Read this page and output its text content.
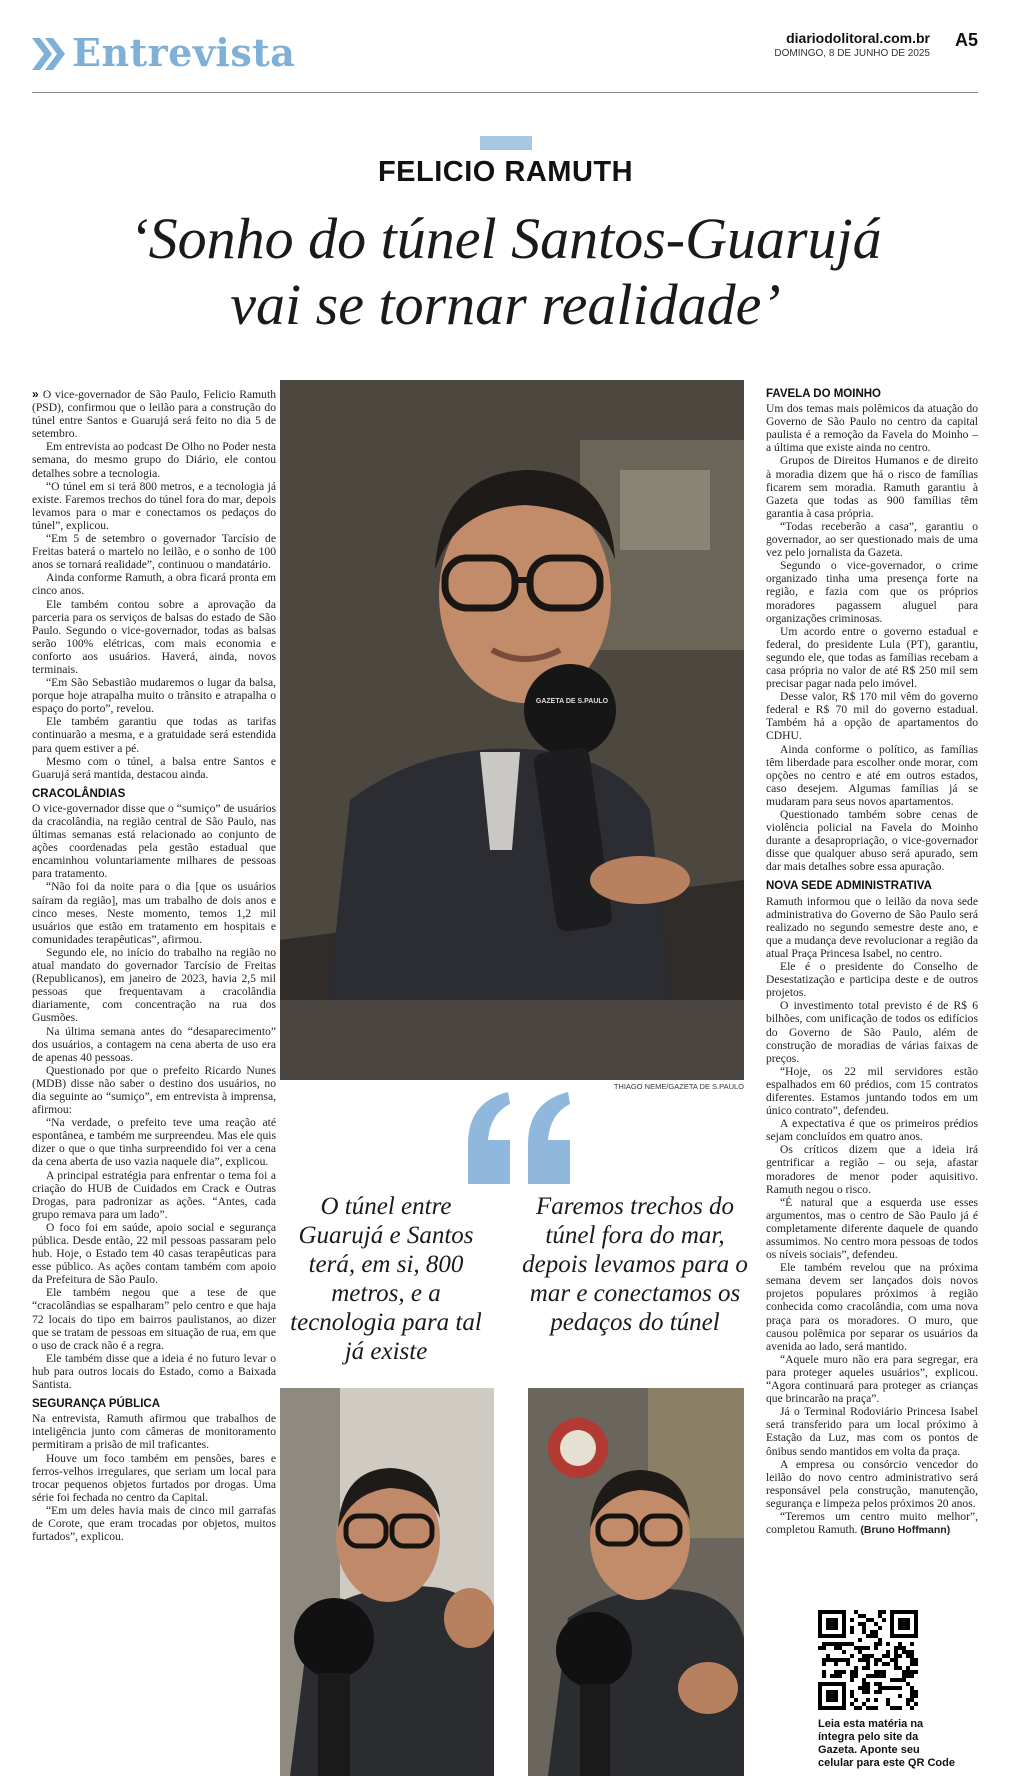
Entrevista	diariodolitoral.com.br
DOMINGO, 8 DE JUNHO DE 2025
A5
FELICIO RAMUTH
‘Sonho do túnel Santos-Guarujá
vai se tornar realidade’

» O vice-governador de São Paulo, Felicio Ramuth (PSD), confirmou que o leilão para a construção do túnel entre Santos e Guarujá será feito no dia 5 de setembro.

Em entrevista ao podcast De Olho no Poder nesta semana, do mesmo grupo do Diário, ele contou detalhes sobre a tecnologia.

“O túnel em si terá 800 metros, e a tecnologia já existe. Faremos trechos do túnel fora do mar, depois levamos para o mar e conectamos os pedaços do túnel”, explicou.

“Em 5 de setembro o governador Tarcísio de Freitas baterá o martelo no leilão, e o sonho de 100 anos se tornará realidade”, continuou o mandatário.

Ainda conforme Ramuth, a obra ficará pronta em cinco anos.

Ele também contou sobre a aprovação da parceria para os serviços de balsas do estado de São Paulo. Segundo o vice-governador, todas as balsas serão 100% elétricas, com mais economia e conforto aos usuários. Haverá, ainda, novos terminais.

“Em São Sebastião mudaremos o lugar da balsa, porque hoje atrapalha muito o trânsito e atrapalha o espaço do porto”, revelou.

Ele também garantiu que todas as tarifas continuarão a mesma, e a gratuidade será estendida para quem estiver a pé.

Mesmo com o túnel, a balsa entre Santos e Guarujá será mantida, destacou ainda.

CRACOLÂNDIAS

O vice-governador disse que o “sumiço” de usuários da cracolândia, na região central de São Paulo, nas últimas semanas está relacionado ao conjunto de ações coordenadas pela gestão estadual que encaminhou voluntariamente milhares de pessoas para tratamento.

“Não foi da noite para o dia [que os usuários saíram da região], mas um trabalho de dois anos e cinco meses. Neste momento, temos 1,2 mil usuários que estão em tratamento em hospitais e comunidades terapêuticas”, afirmou.

Segundo ele, no início do trabalho na região no atual mandato do governador Tarcísio de Freitas (Republicanos), em janeiro de 2023, havia 2,5 mil pessoas que frequentavam a cracolândia diariamente, com concentração na rua dos Gusmões.

Na última semana antes do “desaparecimento” dos usuários, a contagem na cena aberta de uso era de apenas 40 pessoas.

Questionado por que o prefeito Ricardo Nunes (MDB) disse não saber o destino dos usuários, no dia seguinte ao “sumiço”, em entrevista à imprensa, afirmou:

“Na verdade, o prefeito teve uma reação até espontânea, e também me surpreendeu. Mas ele quis dizer o que o que tinha surpreendido foi ver a cena da cena aberta de uso vazia naquele dia”, explicou.

A principal estratégia para enfrentar o tema foi a criação do HUB de Cuidados em Crack e Outras Drogas, para padronizar as ações. “Antes, cada grupo remava para um lado”.

O foco foi em saúde, apoio social e segurança pública. Desde então, 22 mil pessoas passaram pelo hub. Hoje, o Estado tem 40 casas terapêuticas para esse público. As ações contam também com apoio da Prefeitura de São Paulo.

Ele também negou que a tese de que “cracolândias se espalharam” pelo centro e que haja 72 locais do tipo em bairros paulistanos, ao dizer que se tratam de pessoas em situação de rua, em que o uso de crack não é a regra.

Ele também disse que a ideia é no futuro levar o hub para outros locais do Estado, como a Baixada Santista.

SEGURANÇA PÚBLICA

Na entrevista, Ramuth afirmou que trabalhos de inteligência junto com câmeras de monitoramento permitiram a prisão de mil traficantes.

Houve um foco também em pensões, bares e ferros-velhos irregulares, que seriam um local para trocar pequenos objetos furtados por drogas. Uma série foi fechada no centro da Capital.

“Em um deles havia mais de cinco mil garrafas de Corote, que eram trocadas por objetos, muitos furtados”, explicou.

GAZETA DE S.PAULO
THIAGO NEME/GAZETA DE S.PAULO
O túnel entre Guarujá e Santos terá, em si, 800 metros, e a tecnologia para tal já existe
Faremos trechos do túnel fora do mar, depois levamos para o mar e conectamos os pedaços do túnel
FAVELA DO MOINHO

Um dos temas mais polêmicos da atuação do Governo de São Paulo no centro da capital paulista é a remoção da Favela do Moinho – a última que existe ainda no centro.

Grupos de Direitos Humanos e de direito à moradia dizem que há o risco de famílias ficarem sem moradia. Ramuth garantiu à Gazeta que todas as 900 famílias têm garantia à casa própria.

“Todas receberão a casa”, garantiu o governador, ao ser questionado mais de uma vez pelo jornalista da Gazeta.

Segundo o vice-governador, o crime organizado tinha uma presença forte na região, e fazia com que os próprios moradores pagassem aluguel para organizações criminosas.

Um acordo entre o governo estadual e federal, do presidente Lula (PT), garantiu, segundo ele, que todas as famílias recebam a casa própria no valor de até R$ 250 mil sem precisar pagar nada pelo imóvel.

Desse valor, R$ 170 mil vêm do governo federal e R$ 70 mil do governo estadual. Também há a opção de apartamentos do CDHU.

Ainda conforme o político, as famílias têm liberdade para escolher onde morar, com opções no centro e até em outros estados, caso desejem. Algumas famílias já se mudaram para seus novos apartamentos.

Questionado também sobre cenas de violência policial na Favela do Moinho durante a desapropriação, o vice-governador disse que qualquer abuso será apurado, sem dar mais detalhes sobre essa apuração.

NOVA SEDE ADMINISTRATIVA

Ramuth informou que o leilão da nova sede administrativa do Governo de São Paulo será realizado no segundo semestre deste ano, e que a mudança deve revolucionar a região da atual Praça Princesa Isabel, no centro.

Ele é o presidente do Conselho de Desestatização e participa deste e de outros projetos.

O investimento total previsto é de R$ 6 bilhões, com unificação de todos os edifícios do Governo de São Paulo, além de construção de moradias de várias faixas de preços.

“Hoje, os 22 mil servidores estão espalhados em 60 prédios, com 15 contratos diferentes. Estamos juntando todos em um único contrato”, defendeu.

A expectativa é que os primeiros prédios sejam concluídos em quatro anos.

Os críticos dizem que a ideia irá gentrificar a região – ou seja, afastar moradores de menor poder aquisitivo. Ramuth negou o risco.

“É natural que a esquerda use esses argumentos, mas o centro de São Paulo já é completamente diferente daquele de quando assumimos. No centro mora pessoas de todos os níveis sociais”, defendeu.

Ele também revelou que na próxima semana devem ser lançados dois novos projetos populares próximos à região conhecida como cracolândia, com uma nova praça para os moradores. O muro, que causou polêmica por separar os usuários da avenida ao lado, será mantido.

“Aquele muro não era para segregar, era para proteger aqueles usuários”, explicou. “Agora continuará para proteger as crianças que brincarão na praça”.

Já o Terminal Rodoviário Princesa Isabel será transferido para um local próximo à Estação da Luz, mas com os pontos de ônibus sendo mantidos em volta da praça.

A empresa ou consórcio vencedor do leilão do novo centro administrativo será responsável pela construção, manutenção, segurança e limpeza pelos próximos 20 anos.

“Teremos um centro muito melhor”, completou Ramuth. (Bruno Hoffmann)

Leia esta matéria na íntegra pelo site da Gazeta. Aponte seu celular para este QR Code
